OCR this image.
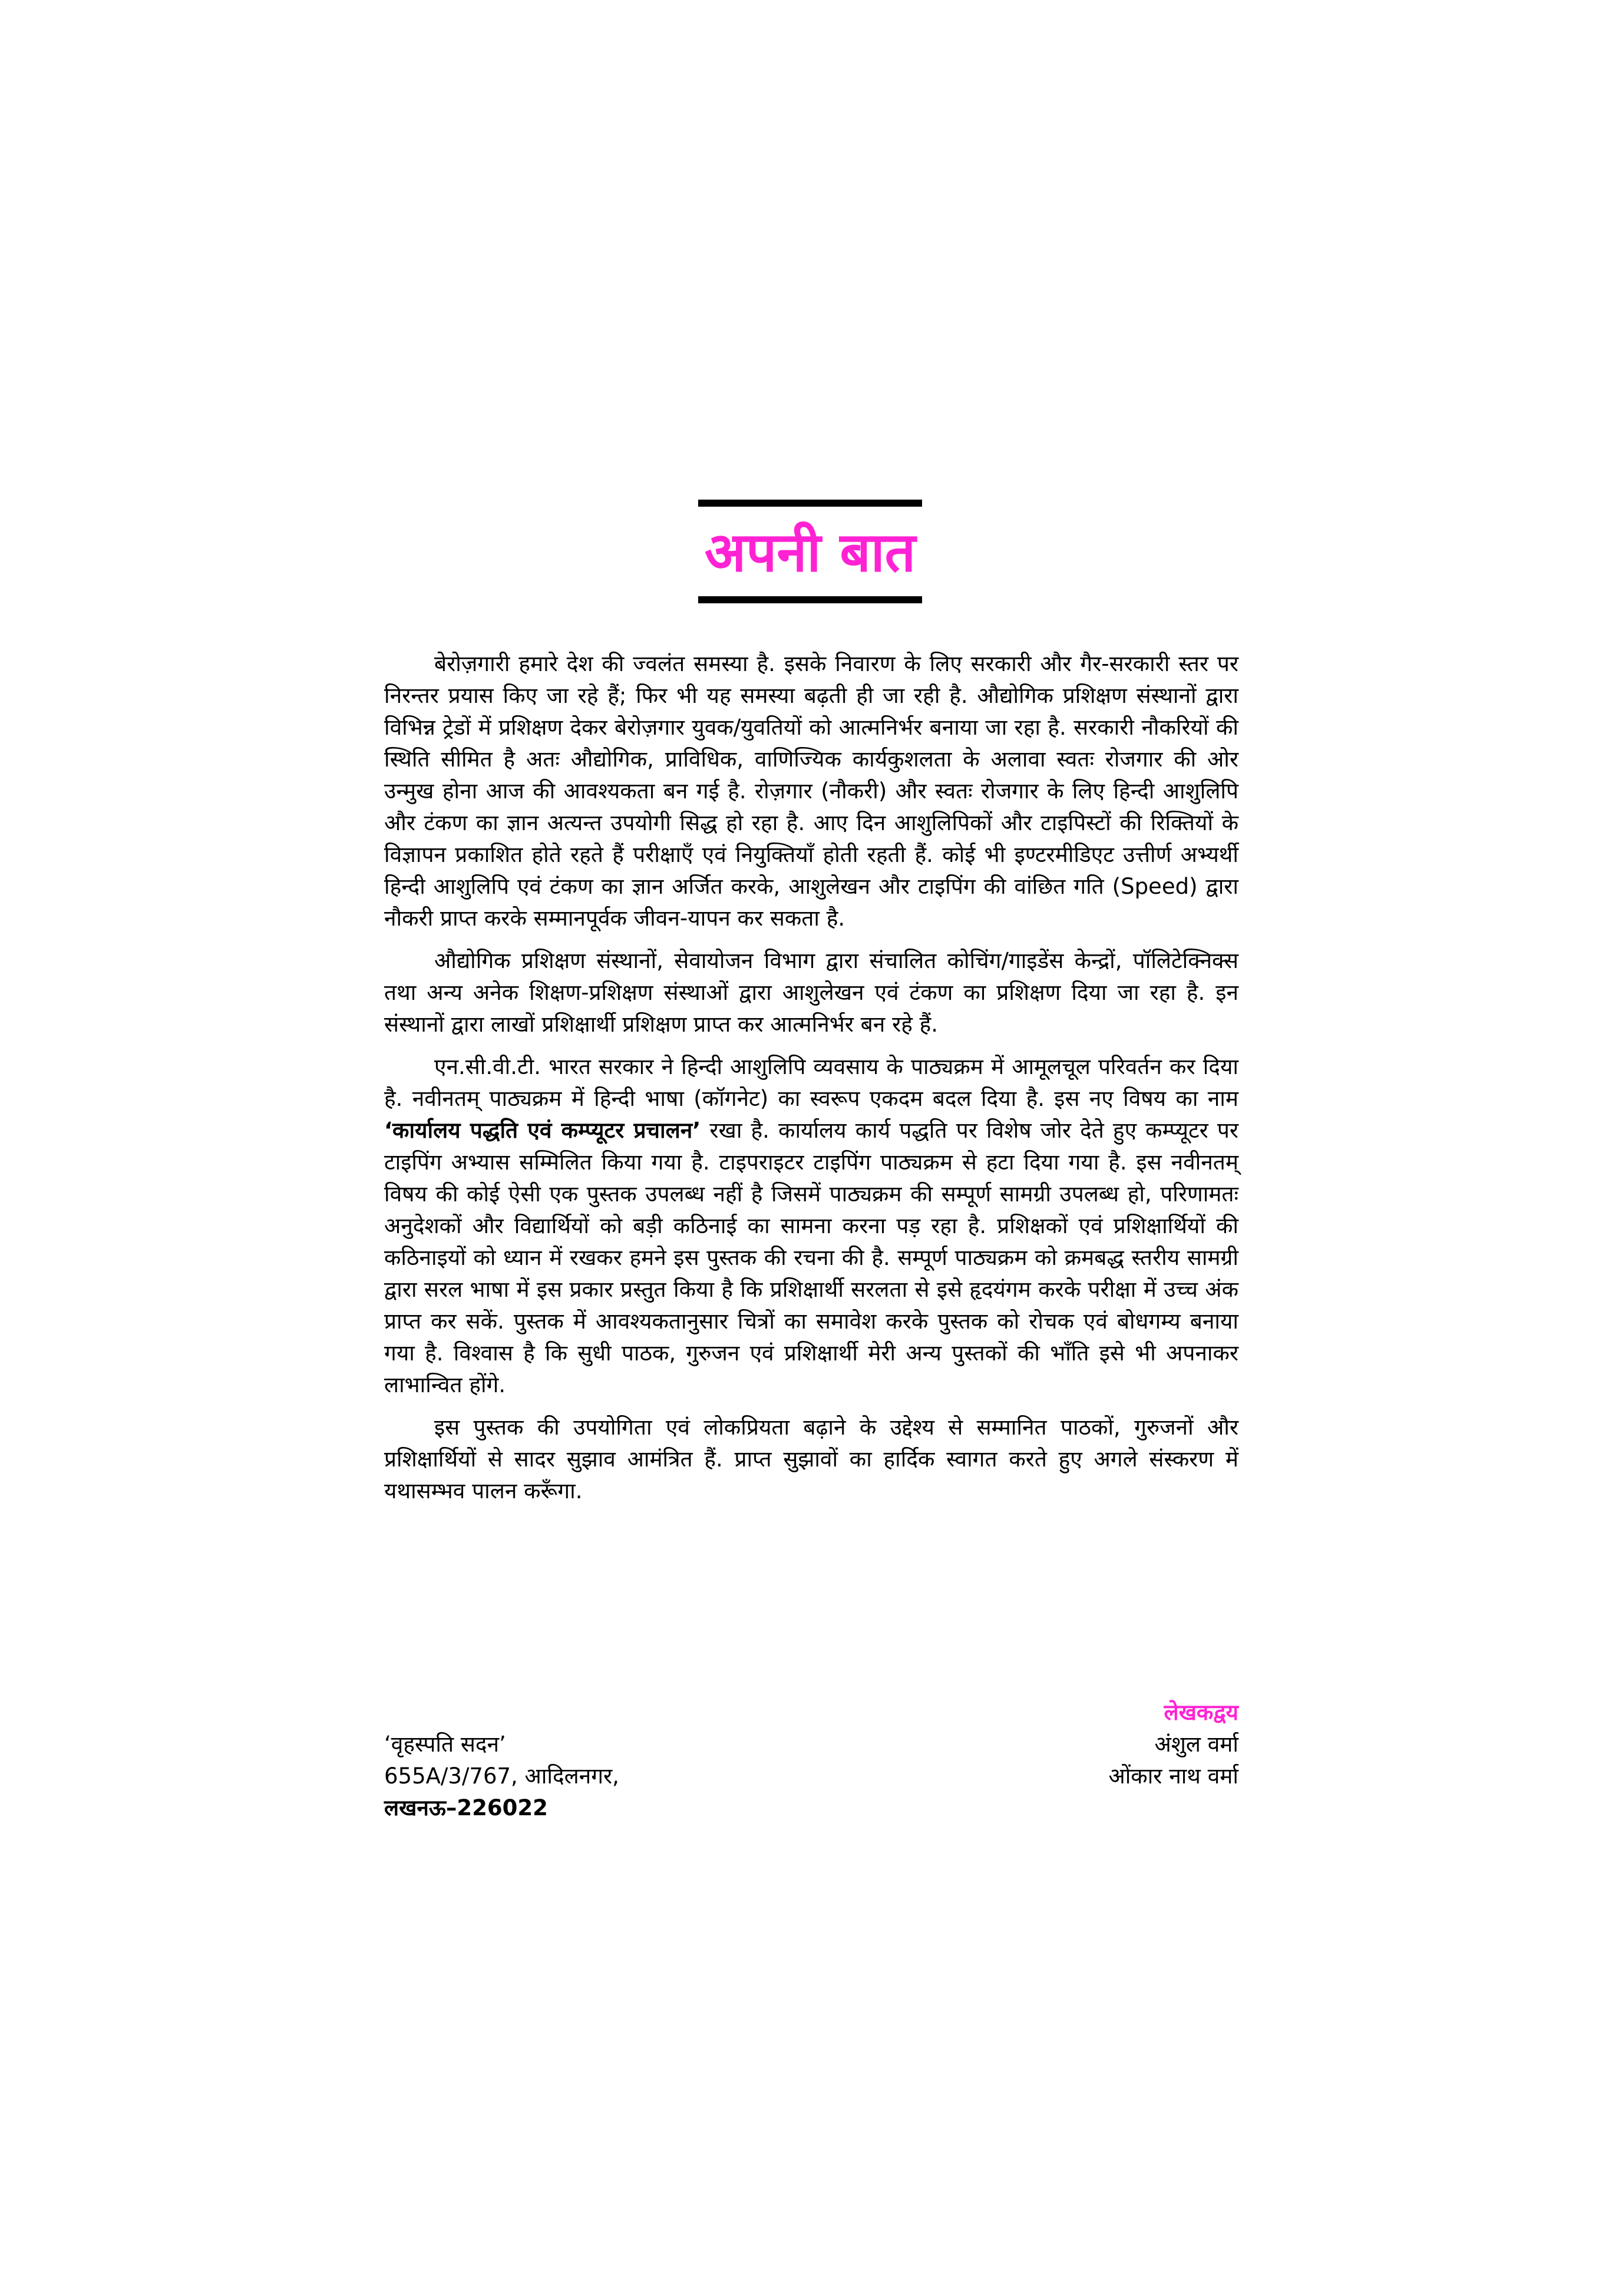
अपनी बात

बेरोज़गारी हमारे देश की ज्वलंत समस्या है. इसके निवारण के लिए सरकारी और गैर-सरकारी स्तर पर निरन्तर प्रयास किए जा रहे हैं; फिर भी यह समस्या बढ़ती ही जा रही है. औद्योगिक प्रशिक्षण संस्थानों द्वारा विभिन्न ट्रेडों में प्रशिक्षण देकर बेरोज़गार युवक/युवतियों को आत्मनिर्भर बनाया जा रहा है. सरकारी नौकरियों की स्थिति सीमित है अतः औद्योगिक, प्राविधिक, वाणिज्यिक कार्यकुशलता के अलावा स्वतः रोजगार की ओर उन्मुख होना आज की आवश्यकता बन गई है. रोज़गार (नौकरी) और स्वतः रोजगार के लिए हिन्दी आशुलिपि और टंकण का ज्ञान अत्यन्त उपयोगी सिद्ध हो रहा है. आए दिन आशुलिपिकों और टाइपिस्टों की रिक्तियों के विज्ञापन प्रकाशित होते रहते हैं परीक्षाएँ एवं नियुक्तियाँ होती रहती हैं. कोई भी इण्टरमीडिएट उत्तीर्ण अभ्यर्थी हिन्दी आशुलिपि एवं टंकण का ज्ञान अर्जित करके, आशुलेखन और टाइपिंग की वांछित गति (Speed) द्वारा नौकरी प्राप्त करके सम्मानपूर्वक जीवन-यापन कर सकता है.

औद्योगिक प्रशिक्षण संस्थानों, सेवायोजन विभाग द्वारा संचालित कोचिंग/गाइडेंस केन्द्रों, पॉलिटेक्निक्स तथा अन्य अनेक शिक्षण-प्रशिक्षण संस्थाओं द्वारा आशुलेखन एवं टंकण का प्रशिक्षण दिया जा रहा है. इन संस्थानों द्वारा लाखों प्रशिक्षार्थी प्रशिक्षण प्राप्त कर आत्मनिर्भर बन रहे हैं.

एन.सी.वी.टी. भारत सरकार ने हिन्दी आशुलिपि व्यवसाय के पाठ्यक्रम में आमूलचूल परिवर्तन कर दिया है. नवीनतम् पाठ्यक्रम में हिन्दी भाषा (कॉगनेट) का स्वरूप एकदम बदल दिया है. इस नए विषय का नाम ‘कार्यालय पद्धति एवं कम्प्यूटर प्रचालन’ रखा है. कार्यालय कार्य पद्धति पर विशेष जोर देते हुए कम्प्यूटर पर टाइपिंग अभ्यास सम्मिलित किया गया है. टाइपराइटर टाइपिंग पाठ्यक्रम से हटा दिया गया है. इस नवीनतम् विषय की कोई ऐसी एक पुस्तक उपलब्ध नहीं है जिसमें पाठ्यक्रम की सम्पूर्ण सामग्री उपलब्ध हो, परिणामतः अनुदेशकों और विद्यार्थियों को बड़ी कठिनाई का सामना करना पड़ रहा है. प्रशिक्षकों एवं प्रशिक्षार्थियों की कठिनाइयों को ध्यान में रखकर हमने इस पुस्तक की रचना की है. सम्पूर्ण पाठ्यक्रम को क्रमबद्ध स्तरीय सामग्री द्वारा सरल भाषा में इस प्रकार प्रस्तुत किया है कि प्रशिक्षार्थी सरलता से इसे हृदयंगम करके परीक्षा में उच्च अंक प्राप्त कर सकें. पुस्तक में आवश्यकतानुसार चित्रों का समावेश करके पुस्तक को रोचक एवं बोधगम्य बनाया गया है. विश्वास है कि सुधी पाठक, गुरुजन एवं प्रशिक्षार्थी मेरी अन्य पुस्तकों की भाँति इसे भी अपनाकर लाभान्वित होंगे.

इस पुस्तक की उपयोगिता एवं लोकप्रियता बढ़ाने के उद्देश्य से सम्मानित पाठकों, गुरुजनों और प्रशिक्षार्थियों से सादर सुझाव आमंत्रित हैं. प्राप्त सुझावों का हार्दिक स्वागत करते हुए अगले संस्करण में यथासम्भव पालन करूँगा.

लेखकद्वय
‘वृहस्पति सदन’	अंशुल वर्मा
655A/3/767, आदिलनगर,	ओंकार नाथ वर्मा
लखनऊ–226022
